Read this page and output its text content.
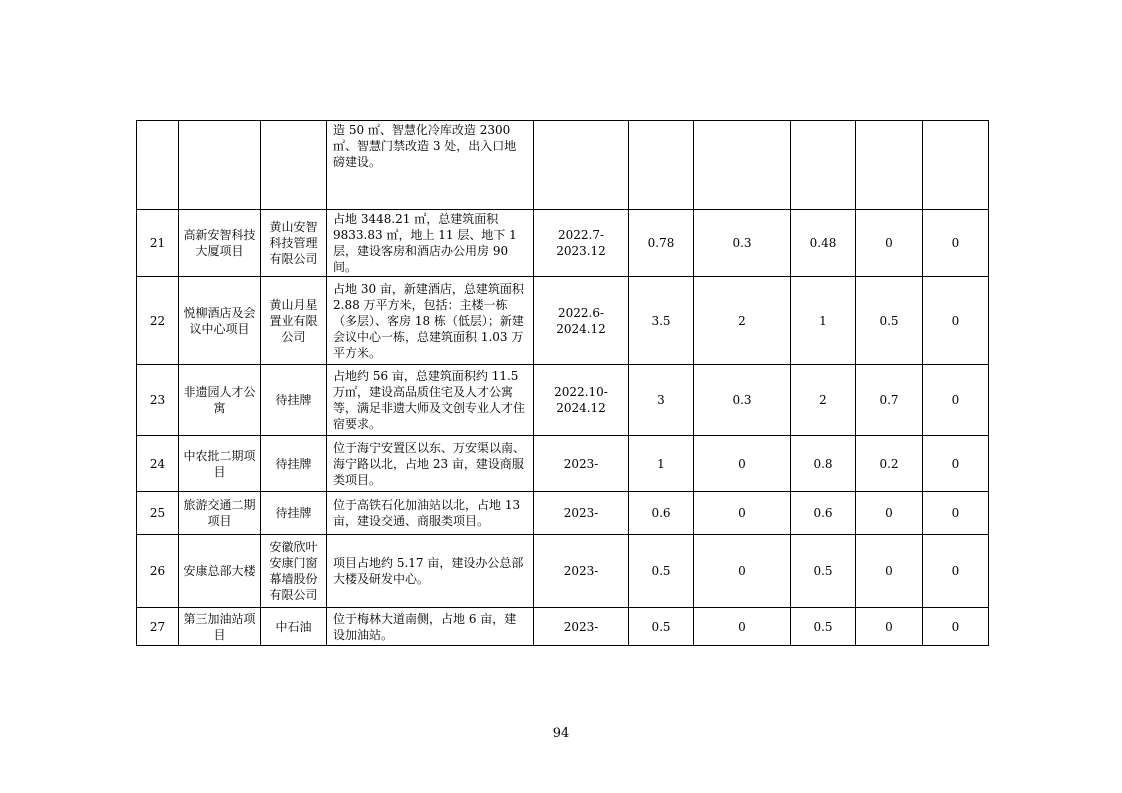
			造 50 ㎡、智慧化冷库改造 2300 ㎡、智慧门禁改造 3 处，出入口地磅建设。						
21	高新安智科技大厦项目	黄山安智科技管理有限公司	占地 3448.21 ㎡，总建筑面积 9833.83 ㎡，地上 11 层、地下 1 层，建设客房和酒店办公用房 90 间。	2022.7-2023.12	0.78	0.3	0.48	0	0
22	悦柳酒店及会议中心项目	黄山月星置业有限公司	占地 30 亩，新建酒店，总建筑面积 2.88 万平方米，包括：主楼一栋（多层）、客房 18 栋（低层）；新建会议中心一栋，总建筑面积 1.03 万平方米。	2022.6-2024.12	3.5	2	1	0.5	0
23	非遗园人才公寓	待挂牌	占地约 56 亩，总建筑面积约 11.5 万㎡，建设高品质住宅及人才公寓等，满足非遗大师及文创专业人才住宿要求。	2022.10-2024.12	3	0.3	2	0.7	0
24	中农批二期项目	待挂牌	位于海宁安置区以东、万安渠以南、海宁路以北，占地 23 亩，建设商服类项目。	2023-	1	0	0.8	0.2	0
25	旅游交通二期项目	待挂牌	位于高铁石化加油站以北，占地 13 亩，建设交通、商服类项目。	2023-	0.6	0	0.6	0	0
26	安康总部大楼	安徽欣叶安康门窗幕墙股份有限公司	项目占地约 5.17 亩，建设办公总部大楼及研发中心。	2023-	0.5	0	0.5	0	0
27	第三加油站项目	中石油	位于梅林大道南侧，占地 6 亩，建设加油站。	2023-	0.5	0	0.5	0	0
94
